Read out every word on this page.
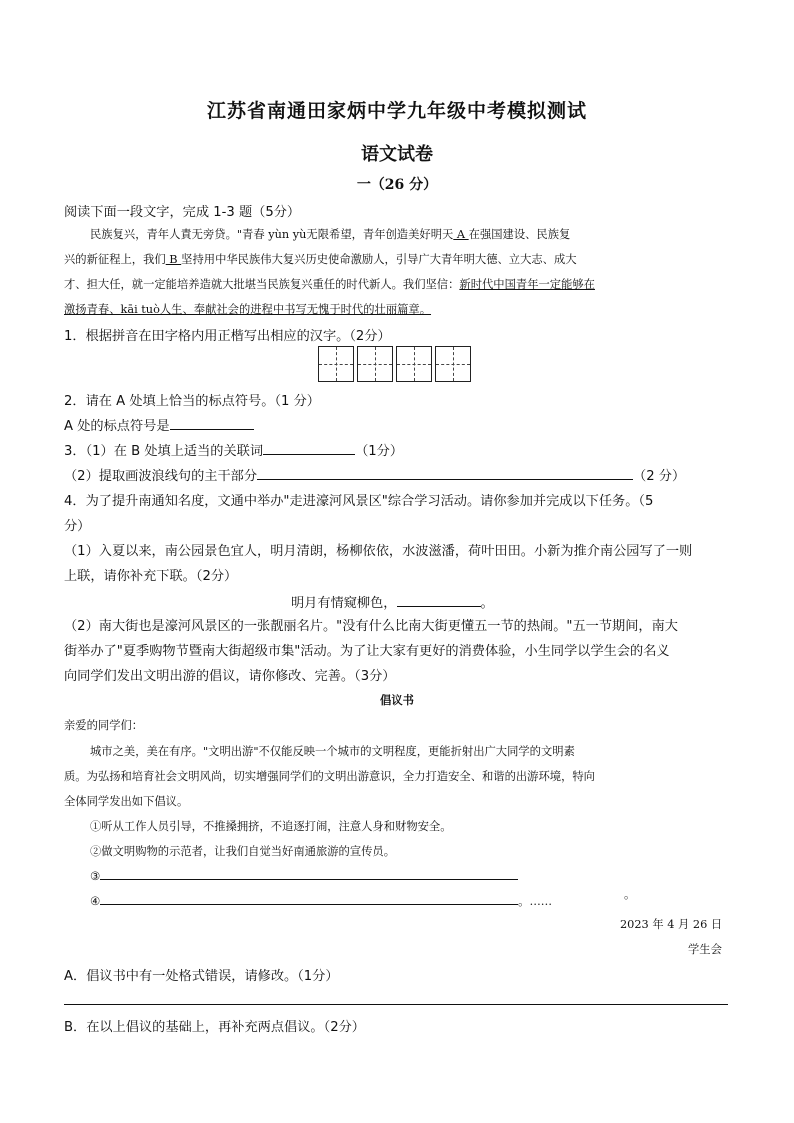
江苏省南通田家炳中学九年级中考模拟测试
语文试卷
一（26 分）
阅读下面一段文字，完成 1-3 题（5分）
民族复兴，青年人責无旁贷。"青春 yùn yù无限希望，青年创造美好明天 A 在强国建设、民族复
兴的新征程上，我们 B 坚持用中华民族伟大复兴历史使命激励人，引导广大青年明大德、立大志、成大
才、担大任，就一定能培养造就大批堪当民族复兴重任的时代新人。我们坚信：新时代中国青年一定能够在
激扬青春、kāi tuò人生、奉献社会的进程中书写无愧于时代的壮丽篇章。
1．根据拼音在田字格内用正楷写出相应的汉字。（2分）
2．请在 A 处填上恰当的标点符号。（1 分）
A 处的标点符号是
3．（1）在 B 处填上适当的关联词	（1分）
（2）提取画波浪线句的主干部分	（2 分）
4．为了提升南通知名度，文通中举办"走进濠河风景区"综合学习活动。请你参加并完成以下任务。（5
分）
（1）入夏以来，南公园景色宜人，明月清朗，杨柳依依，水波滋潘，荷叶田田。小新为推介南公园写了一则
上联，请你补充下联。（2分）
明月有情窥柳色，	。
（2）南大街也是濠河风景区的一张靓丽名片。"没有什么比南大街更懂五一节的热闹。"五一节期间，南大
街举办了"夏季购物节暨南大街超级市集"活动。为了让大家有更好的消费体验，小生同学以学生会的名义
向同学们发出文明出游的倡议，请你修改、完善。（3分）
倡议书
亲爱的同学们：
城市之美，美在有序。"文明出游"不仅能反映一个城市的文明程度，更能折射出广大同学的文明素
质。为弘扬和培育社会文明风尚，切实增强同学们的文明出游意识，全力打造安全、和谐的出游环境，特向
全体同学发出如下倡议。
①听从工作人员引导，不推搡拥挤，不追逐打闹，注意人身和财物安全。
②做文明购物的示范者，让我们自觉当好南通旅游的宣传员。
③
④	。……
。
2023 年 4 月 26 日
学生会
A．倡议书中有一处格式错误，请修改。（1分）
B．在以上倡议的基础上，再补充两点倡议。（2分）
